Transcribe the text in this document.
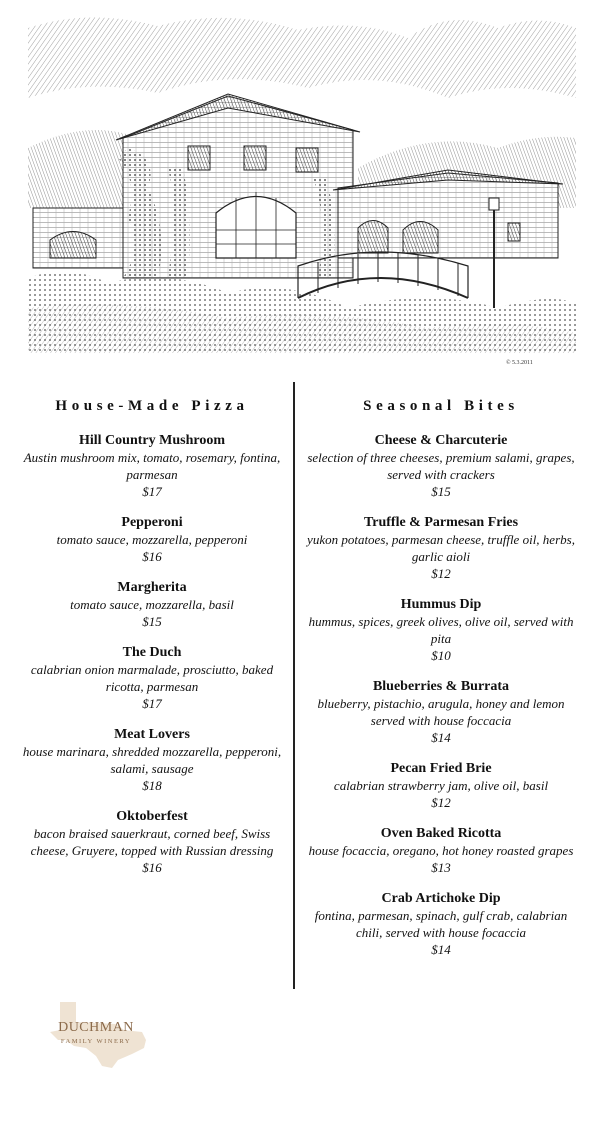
© 5.3.2011
House-Made Pizza
Hill Country Mushroom
Austin mushroom mix, tomato, rosemary, fontina, parmesan
$17
Pepperoni
tomato sauce, mozzarella, pepperoni
$16
Margherita
tomato sauce, mozzarella, basil
$15
The Duch
calabrian onion marmalade, prosciutto, baked ricotta, parmesan
$17
Meat Lovers
house marinara, shredded mozzarella, pepperoni, salami, sausage
$18
Oktoberfest
bacon braised sauerkraut, corned beef, Swiss cheese, Gruyere, topped with Russian dressing
$16
Seasonal Bites
Cheese & Charcuterie
selection of three cheeses, premium salami, grapes, served with crackers
$15
Truffle & Parmesan Fries
yukon potatoes, parmesan cheese, truffle oil, herbs, garlic aioli
$12
Hummus Dip
hummus, spices, greek olives, olive oil, served with pita
$10
Blueberries & Burrata
blueberry, pistachio, arugula, honey and lemon served with house foccacia
$14
Pecan Fried Brie
calabrian strawberry jam, olive oil, basil
$12
Oven Baked Ricotta
house focaccia, oregano, hot honey roasted grapes
$13
Crab Artichoke Dip
fontina, parmesan, spinach, gulf crab, calabrian chili, served with house focaccia
$14
DUCHMAN
FAMILY WINERY
